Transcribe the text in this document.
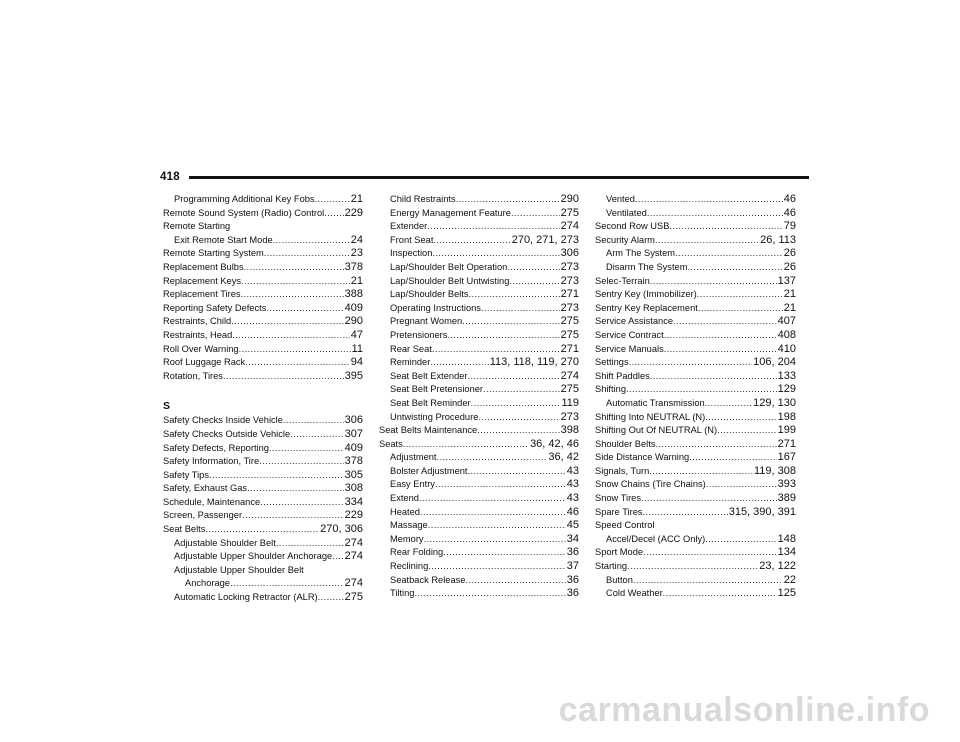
418
Programming Additional Key Fobs .....	21
Remote Sound System (Radio) Control ..... 229
Remote Starting
Exit Remote Start Mode .....	24
Remote Starting System .....	23
Replacement Bulbs .....	378
Replacement Keys .....	21
Replacement Tires .....	388
Reporting Safety Defects .....	409
Restraints, Child .....	290
Restraints, Head .....	47
Roll Over Warning .....	11
Roof Luggage Rack .....	94
Rotation, Tires .....	395
S
Safety Checks Inside Vehicle .....	306
Safety Checks Outside Vehicle .....	307
Safety Defects, Reporting .....	409
Safety Information, Tire .....	378
Safety Tips .....	305
Safety, Exhaust Gas .....	308
Schedule, Maintenance .....	334
Screen, Passenger .....	229
Seat Belts .....	270, 306
Adjustable Shoulder Belt .....	274
Adjustable Upper Shoulder Anchorage ..... 274
Adjustable Upper Shoulder Belt
Anchorage .....	274
Automatic Locking Retractor (ALR) ..... 275
Child Restraints .....	290
Energy Management Feature .....	275
Extender .....	274
Front Seat .....	270, 271, 273
Inspection .....	306
Lap/Shoulder Belt Operation .....	273
Lap/Shoulder Belt Untwisting .....	273
Lap/Shoulder Belts .....	271
Operating Instructions .....	273
Pregnant Women .....	275
Pretensioners .....	275
Rear Seat .....	271
Reminder .....	113, 118, 119, 270
Seat Belt Extender .....	274
Seat Belt Pretensioner .....	275
Seat Belt Reminder .....	119
Untwisting Procedure .....	273
Seat Belts Maintenance .....	398
Seats .....	36, 42, 46
Adjustment .....	36, 42
Bolster Adjustment .....	43
Easy Entry .....	43
Extend .....	43
Heated .....	46
Massage .....	45
Memory .....	34
Rear Folding .....	36
Reclining .....	37
Seatback Release .....	36
Tilting .....	36
Vented .....	46
Ventilated .....	46
Second Row USB .....	79
Security Alarm .....	26, 113
Arm The System .....	26
Disarm The System .....	26
Selec-Terrain .....	137
Sentry Key (Immobilizer) .....	21
Sentry Key Replacement .....	21
Service Assistance .....	407
Service Contract .....	408
Service Manuals .....	410
Settings .....	106, 204
Shift Paddles .....	133
Shifting .....	129
Automatic Transmission .....	129, 130
Shifting Into NEUTRAL (N) .....	198
Shifting Out Of NEUTRAL (N) .....	199
Shoulder Belts .....	271
Side Distance Warning .....	167
Signals, Turn .....	119, 308
Snow Chains (Tire Chains) .....	393
Snow Tires .....	389
Spare Tires .....	315, 390, 391
Speed Control
Accel/Decel (ACC Only) .....	148
Sport Mode .....	134
Starting .....	23, 122
Button .....	22
Cold Weather .....	125
carmanualsonline.info
